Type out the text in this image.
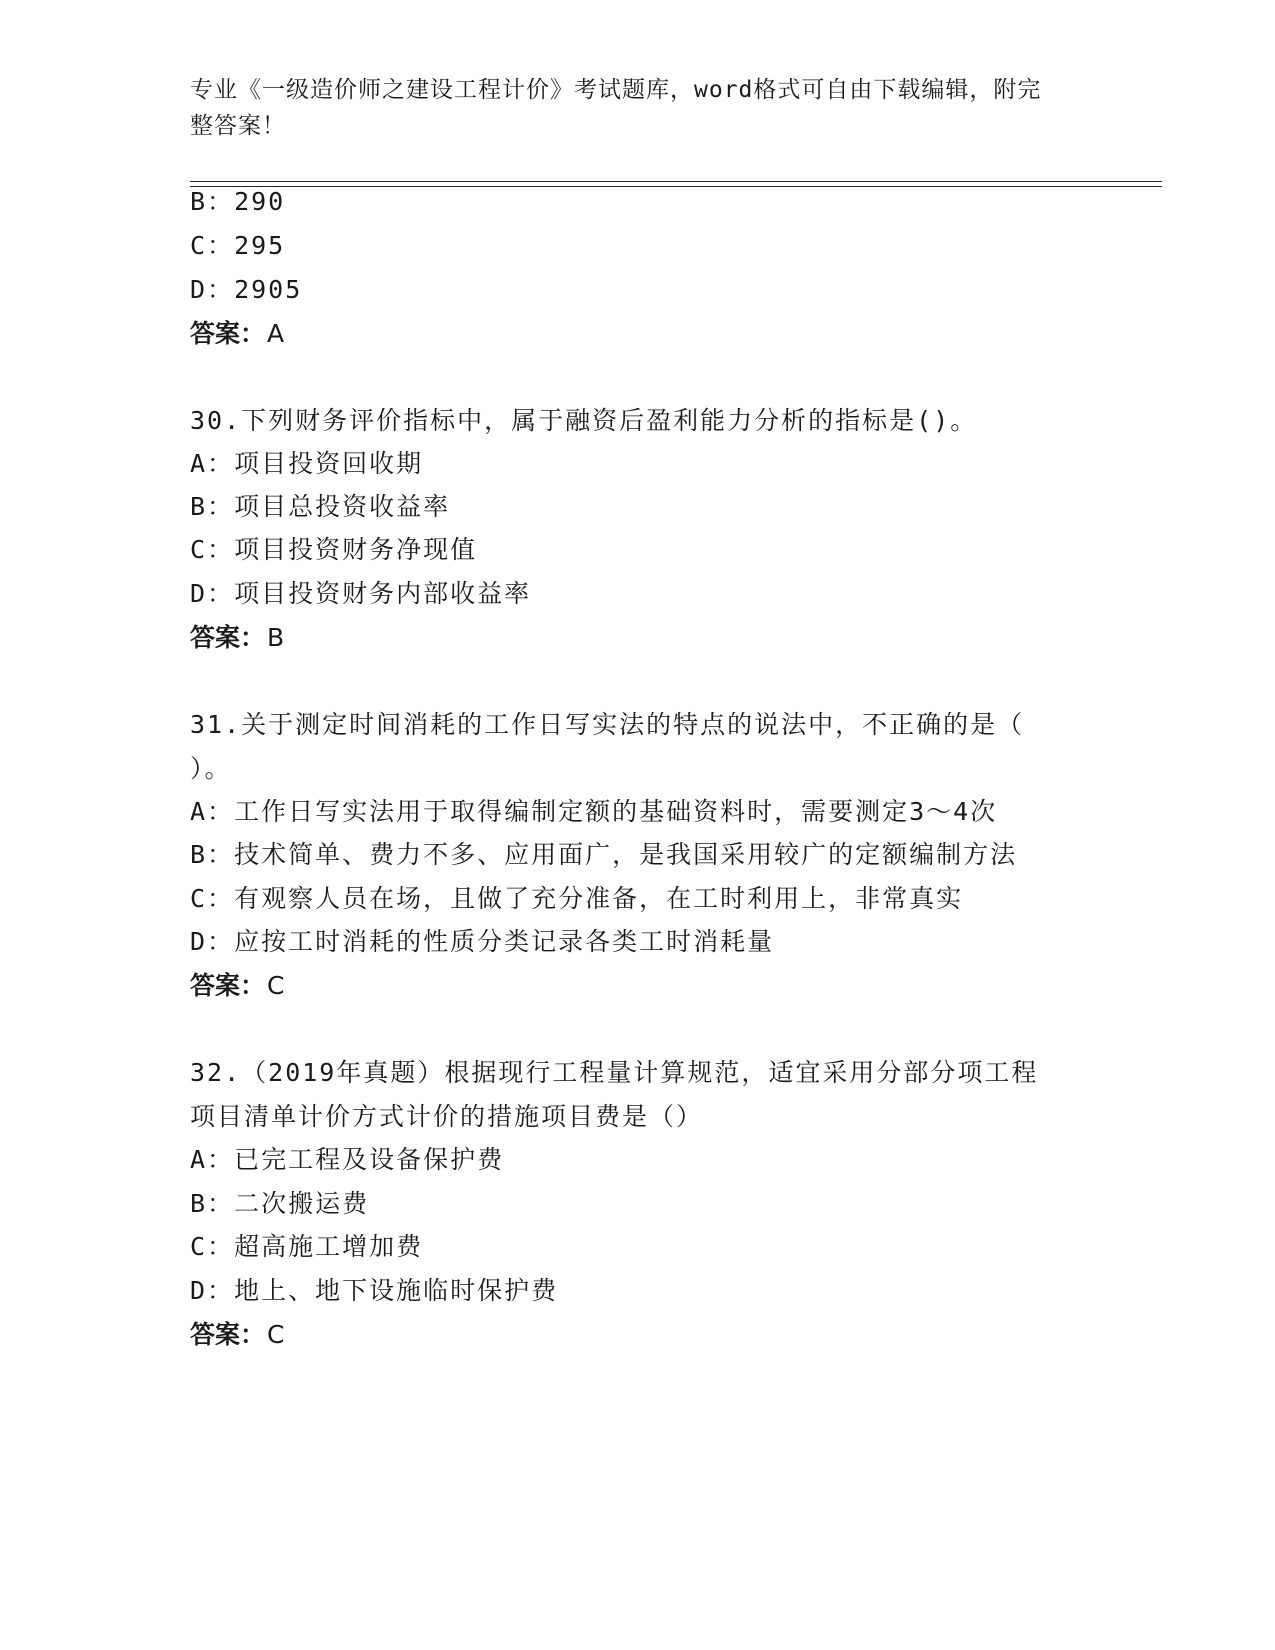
专业《一级造价师之建设工程计价》考试题库，word格式可自由下载编辑，附完
整答案！
B：290
C：295
D：2905
答案：A
30.下列财务评价指标中，属于融资后盈利能力分析的指标是()。
A：项目投资回收期
B：项目总投资收益率
C：项目投资财务净现值
D：项目投资财务内部收益率
答案：B
31.关于测定时间消耗的工作日写实法的特点的说法中，不正确的是（
）。
A：工作日写实法用于取得编制定额的基础资料时，需要测定3～4次
B：技术简单、费力不多、应用面广，是我国采用较广的定额编制方法
C：有观察人员在场，且做了充分准备，在工时利用上，非常真实
D：应按工时消耗的性质分类记录各类工时消耗量
答案：C
32.（2019年真题）根据现行工程量计算规范，适宜采用分部分项工程
项目清单计价方式计价的措施项目费是（）
A：已完工程及设备保护费
B：二次搬运费
C：超高施工增加费
D：地上、地下设施临时保护费
答案：C
